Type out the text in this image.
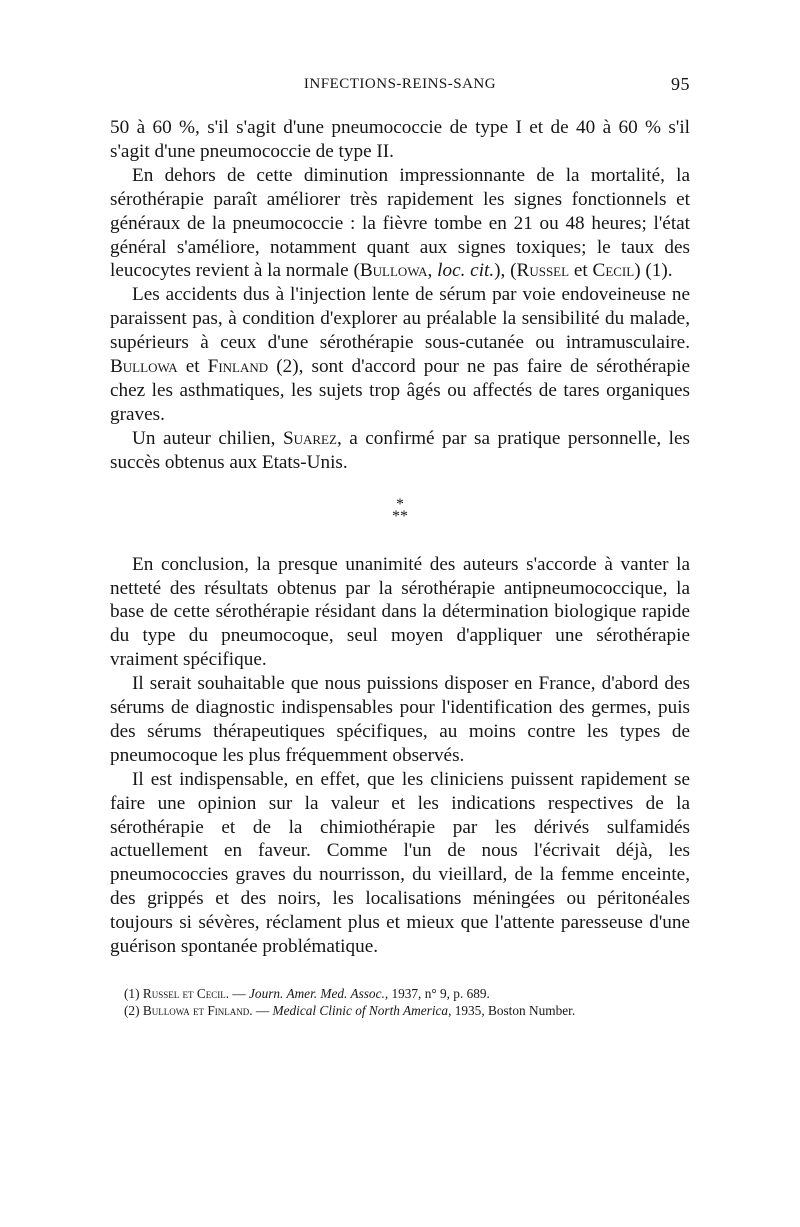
INFECTIONS-REINS-SANG	95

50 à 60 %, s'il s'agit d'une pneumococcie de type I et de 40 à 60 % s'il s'agit d'une pneumococcie de type II.

En dehors de cette diminution impressionnante de la mortalité, la sérothérapie paraît améliorer très rapidement les signes fonctionnels et généraux de la pneumococcie : la fièvre tombe en 21 ou 48 heures; l'état général s'améliore, notamment quant aux signes toxiques; le taux des leucocytes revient à la normale (Bullowa, loc. cit.), (Russel et Cecil) (1).

Les accidents dus à l'injection lente de sérum par voie endoveineuse ne paraissent pas, à condition d'explorer au préalable la sensibilité du malade, supérieurs à ceux d'une sérothérapie sous-cutanée ou intramusculaire. Bullowa et Finland (2), sont d'accord pour ne pas faire de sérothérapie chez les asthmatiques, les sujets trop âgés ou affectés de tares organiques graves.

Un auteur chilien, Suarez, a confirmé par sa pratique personnelle, les succès obtenus aux Etats-Unis.

*
**

En conclusion, la presque unanimité des auteurs s'accorde à vanter la netteté des résultats obtenus par la sérothérapie antipneumococcique, la base de cette sérothérapie résidant dans la détermination biologique rapide du type du pneumocoque, seul moyen d'appliquer une sérothérapie vraiment spécifique.

Il serait souhaitable que nous puissions disposer en France, d'abord des sérums de diagnostic indispensables pour l'identification des germes, puis des sérums thérapeutiques spécifiques, au moins contre les types de pneumocoque les plus fréquemment observés.

Il est indispensable, en effet, que les cliniciens puissent rapidement se faire une opinion sur la valeur et les indications respectives de la sérothérapie et de la chimiothérapie par les dérivés sulfamidés actuellement en faveur. Comme l'un de nous l'écrivait déjà, les pneumococcies graves du nourrisson, du vieillard, de la femme enceinte, des grippés et des noirs, les localisations méningées ou péritonéales toujours si sévères, réclament plus et mieux que l'attente paresseuse d'une guérison spontanée problématique.

(1) Russel et Cecil. — Journ. Amer. Med. Assoc., 1937, n° 9, p. 689.
(2) Bullowa et Finland. — Medical Clinic of North America, 1935, Boston Number.
